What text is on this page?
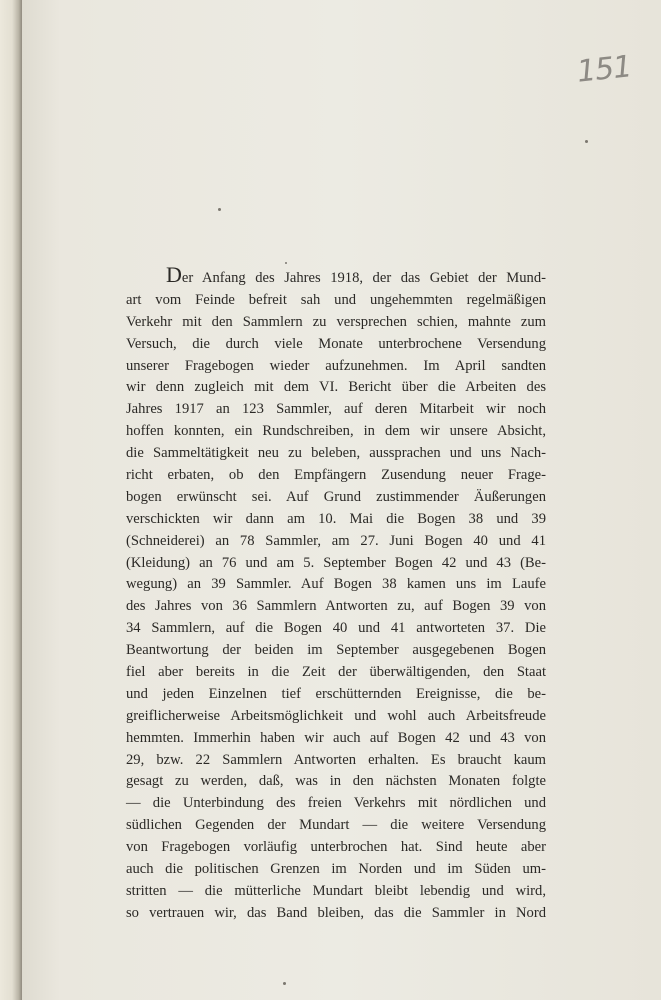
151
Der Anfang des Jahres 1918, der das Gebiet der Mund-
art vom Feinde befreit sah und ungehemmten regelmäßigen
Verkehr mit den Sammlern zu versprechen schien, mahnte zum
Versuch, die durch viele Monate unterbrochene Versendung
unserer Fragebogen wieder aufzunehmen. Im April sandten
wir denn zugleich mit dem VI. Bericht über die Arbeiten des
Jahres 1917 an 123 Sammler, auf deren Mitarbeit wir noch
hoffen konnten, ein Rundschreiben, in dem wir unsere Absicht,
die Sammeltätigkeit neu zu beleben, aussprachen und uns Nach-
richt erbaten, ob den Empfängern Zusendung neuer Frage-
bogen erwünscht sei. Auf Grund zustimmender Äußerungen
verschickten wir dann am 10. Mai die Bogen 38 und 39
(Schneiderei) an 78 Sammler, am 27. Juni Bogen 40 und 41
(Kleidung) an 76 und am 5. September Bogen 42 und 43 (Be-
wegung) an 39 Sammler. Auf Bogen 38 kamen uns im Laufe
des Jahres von 36 Sammlern Antworten zu, auf Bogen 39 von
34 Sammlern, auf die Bogen 40 und 41 antworteten 37. Die
Beantwortung der beiden im September ausgegebenen Bogen
fiel aber bereits in die Zeit der überwältigenden, den Staat
und jeden Einzelnen tief erschütternden Ereignisse, die be-
greiflicherweise Arbeitsmöglichkeit und wohl auch Arbeitsfreude
hemmten. Immerhin haben wir auch auf Bogen 42 und 43 von
29, bzw. 22 Sammlern Antworten erhalten. Es braucht kaum
gesagt zu werden, daß, was in den nächsten Monaten folgte
— die Unterbindung des freien Verkehrs mit nördlichen und
südlichen Gegenden der Mundart — die weitere Versendung
von Fragebogen vorläufig unterbrochen hat. Sind heute aber
auch die politischen Grenzen im Norden und im Süden um-
stritten — die mütterliche Mundart bleibt lebendig und wird,
so vertrauen wir, das Band bleiben, das die Sammler in Nord
